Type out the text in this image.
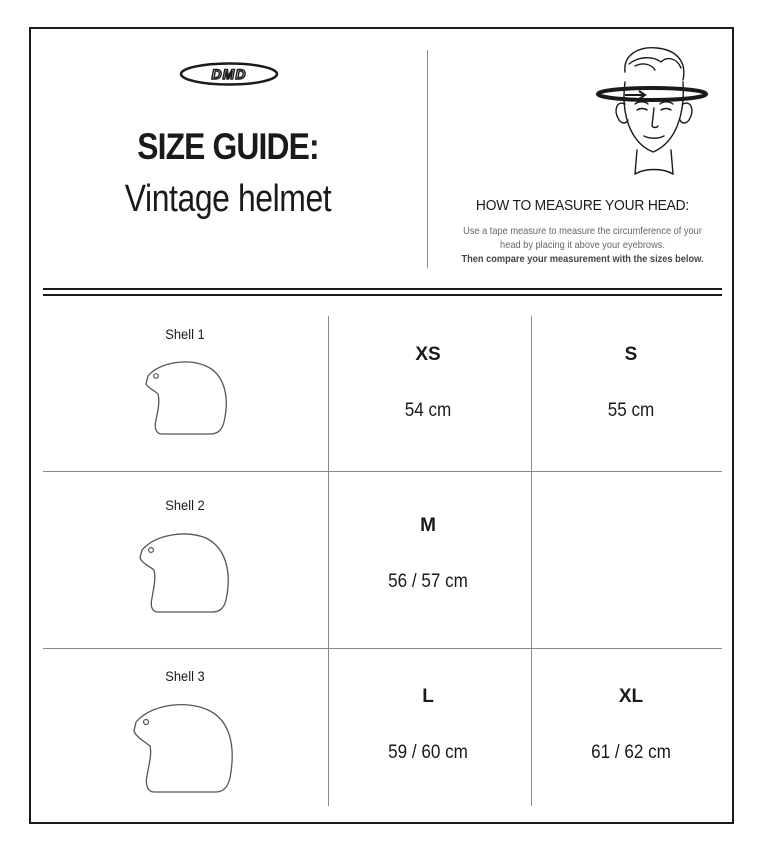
DMD
SIZE GUIDE:
Vintage helmet	HOW TO MEASURE YOUR HEAD:
Use a tape measure to measure the circumference of your
head by placing it above your eyebrows.
Then compare your measurement with the sizes below.
Shell 1
XS
54 cm
S
55 cm
Shell 2
M
56 / 57 cm
Shell 3
L
59 / 60 cm
XL
61 / 62 cm
